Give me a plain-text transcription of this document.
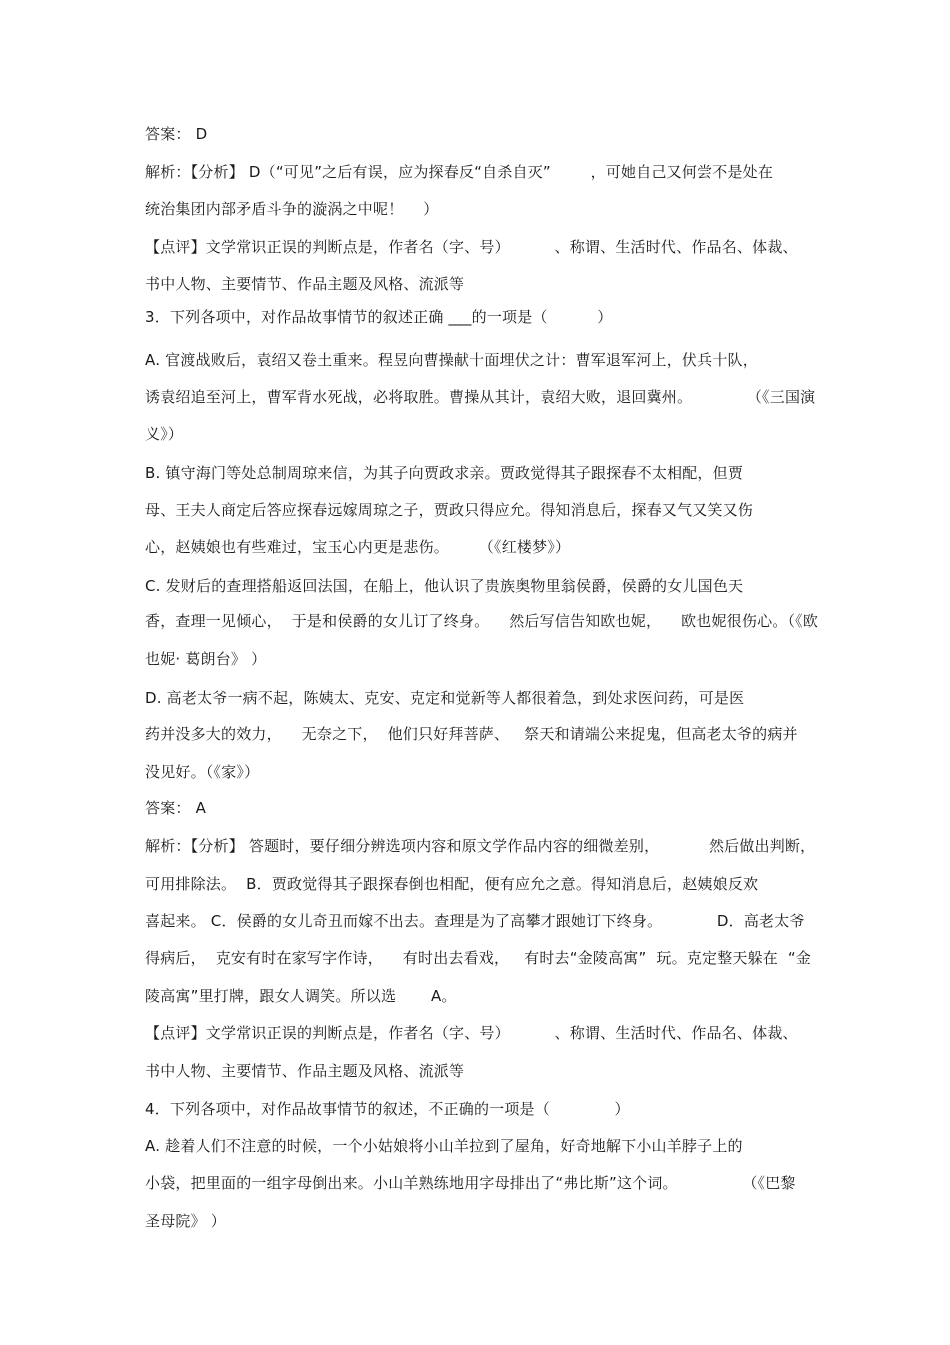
答案： D
解析：【分析】 D（“可见”之后有误，应为探春反“自杀自灭”        ，可她自己又何尝不是处在
统治集团内部矛盾斗争的漩涡之中呢！    ）
【点评】文学常识正误的判断点是，作者名（字、号）         、称谓、生活时代、作品名、体裁、
书中人物、主要情节、作品主题及风格、流派等
3．下列各项中，对作品故事情节的叙述正确 ___的一项是（          ）
A. 官渡战败后，袁绍又卷土重来。程昱向曹操献十面埋伏之计：曹军退军河上，伏兵十队，
诱袁绍追至河上，曹军背水死战，必将取胜。曹操从其计，袁绍大败，退回冀州。           （《三国演
义》）
B. 镇守海门等处总制周琼来信，为其子向贾政求亲。贾政觉得其子跟探春不太相配，但贾
母、王夫人商定后答应探春远嫁周琼之子，贾政只得应允。得知消息后，探春又气又笑又伤
心，赵姨娘也有些难过，宝玉心内更是悲伤。      （《红楼梦》）
C. 发财后的查理搭船返回法国，在船上，他认识了贵族奥物里翁侯爵，侯爵的女儿国色天
香，查理一见倾心，  于是和侯爵的女儿订了终身。    然后写信告知欧也妮，    欧也妮很伤心。（《欧
也妮· 葛朗台》 ）
D. 高老太爷一病不起，陈姨太、克安、克定和觉新等人都很着急，到处求医问药，可是医
药并没多大的效力，    无奈之下，  他们只好拜菩萨、   祭天和请端公来捉鬼，但高老太爷的病并
没见好。（《家》）
答案： A
解析：【分析】 答题时，要仔细分辨选项内容和原文学作品内容的细微差别，          然后做出判断，
可用排除法。  B．贾政觉得其子跟探春倒也相配，便有应允之意。得知消息后，赵姨娘反欢
喜起来。 C．侯爵的女儿奇丑而嫁不出去。查理是为了高攀才跟她订下终身。           D．高老太爷
得病后，  克安有时在家写字作诗，    有时出去看戏，   有时去“金陵高寓”  玩。克定整天躲在  “金
陵高寓”里打牌，跟女人调笑。所以选       A。
【点评】文学常识正误的判断点是，作者名（字、号）         、称谓、生活时代、作品名、体裁、
书中人物、主要情节、作品主题及风格、流派等
4．下列各项中，对作品故事情节的叙述，不正确的一项是（             ）
A. 趁着人们不注意的时候，一个小姑娘将小山羊拉到了屋角，好奇地解下小山羊脖子上的
小袋，把里面的一组字母倒出来。小山羊熟练地用字母排出了“弗比斯”这个词。             （《巴黎
圣母院》 ）
